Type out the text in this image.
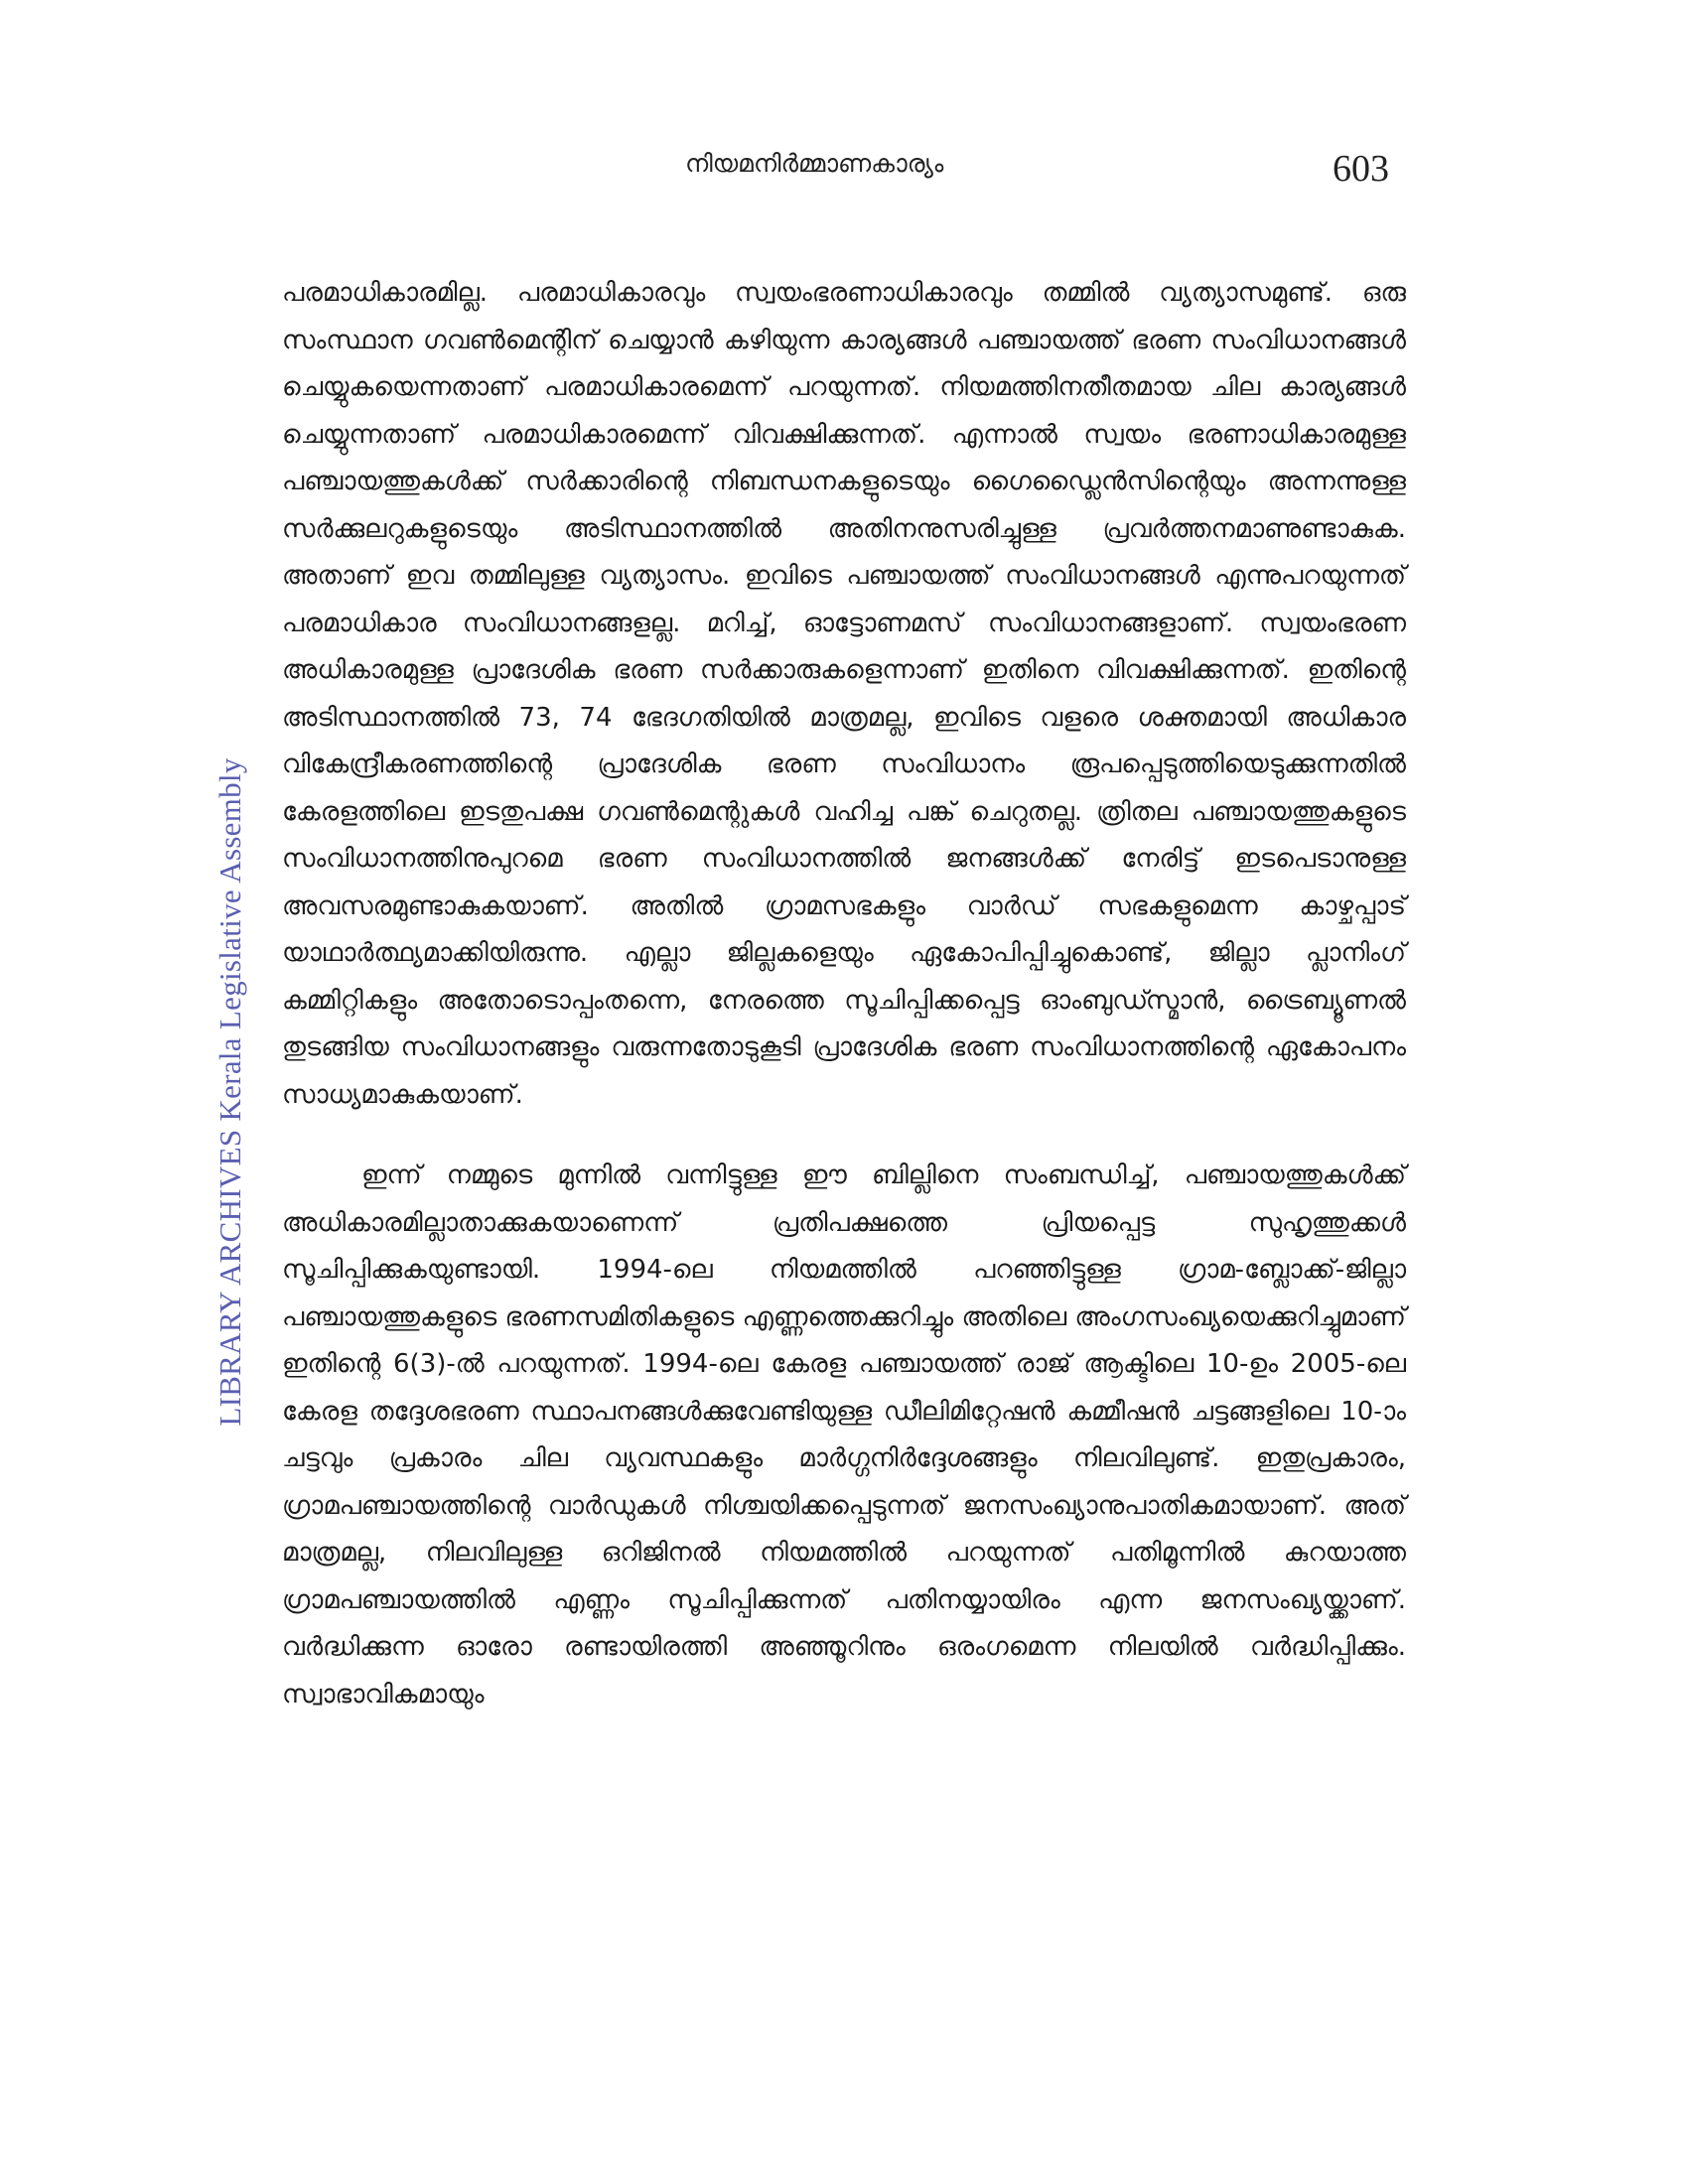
നിയമനിർമ്മാണകാര്യം	603
LIBRARY ARCHIVES Kerala Legislative Assembly

പരമാധികാരമില്ല. പരമാധികാരവും സ്വയംഭരണാധികാരവും തമ്മിൽ വ്യത്യാസമുണ്ട്. ഒരു സംസ്ഥാന ഗവൺമെന്റിന് ചെയ്യാൻ കഴിയുന്ന കാര്യങ്ങൾ പഞ്ചായത്ത് ഭരണ സംവിധാനങ്ങൾ ചെയ്യുകയെന്നതാണ് പരമാധികാരമെന്ന് പറയുന്നത്. നിയമത്തിനതീതമായ ചില കാര്യങ്ങൾ ചെയ്യുന്നതാണ് പരമാധികാരമെന്ന് വിവക്ഷിക്കുന്നത്. എന്നാൽ സ്വയം ഭരണാധികാരമുള്ള പഞ്ചായത്തുകൾക്ക് സർക്കാരിന്റെ നിബന്ധനകളുടെയും ഗൈഡ്ലൈൻസിന്റെയും അന്നന്നുള്ള സർക്കുലറുകളുടെയും അടിസ്ഥാനത്തിൽ അതിനനുസരിച്ചുള്ള പ്രവർത്തനമാണുണ്ടാകുക. അതാണ് ഇവ തമ്മിലുള്ള വ്യത്യാസം. ഇവിടെ പഞ്ചായത്ത് സംവിധാനങ്ങൾ എന്നുപറയുന്നത് പരമാധികാര സംവിധാനങ്ങളല്ല. മറിച്ച്, ഓട്ടോണമസ് സംവിധാനങ്ങളാണ്. സ്വയംഭരണ അധികാരമുള്ള പ്രാദേശിക ഭരണ സർക്കാരുകളെന്നാണ് ഇതിനെ വിവക്ഷിക്കുന്നത്. ഇതിന്റെ അടിസ്ഥാനത്തിൽ 73, 74 ഭേദഗതിയിൽ മാത്രമല്ല, ഇവിടെ വളരെ ശക്തമായി അധികാര വികേന്ദ്രീകരണത്തിന്റെ പ്രാദേശിക ഭരണ സംവിധാനം രൂപപ്പെടുത്തിയെടുക്കുന്നതിൽ കേരളത്തിലെ ഇടതുപക്ഷ ഗവൺമെന്റുകൾ വഹിച്ച പങ്ക് ചെറുതല്ല. ത്രിതല പഞ്ചായത്തുകളുടെ സംവിധാനത്തിനുപുറമെ ഭരണ സംവിധാനത്തിൽ ജനങ്ങൾക്ക് നേരിട്ട് ഇടപെടാനുള്ള അവസരമുണ്ടാകുകയാണ്. അതിൽ ഗ്രാമസഭകളും വാർഡ് സഭകളുമെന്ന കാഴ്ചപ്പാട് യാഥാർത്ഥ്യമാക്കിയിരുന്നു. എല്ലാ ജില്ലകളെയും ഏകോപിപ്പിച്ചുകൊണ്ട്, ജില്ലാ പ്ലാനിംഗ് കമ്മിറ്റികളും അതോടൊപ്പംതന്നെ, നേരത്തെ സൂചിപ്പിക്കപ്പെട്ട ഓംബുഡ്സ്മാൻ, ട്രൈബ്യൂണൽ തുടങ്ങിയ സംവിധാനങ്ങളും വരുന്നതോടുകൂടി പ്രാദേശിക ഭരണ സംവിധാനത്തിന്റെ ഏകോപനം സാധ്യമാകുകയാണ്.

ഇന്ന് നമ്മുടെ മുന്നിൽ വന്നിട്ടുള്ള ഈ ബില്ലിനെ സംബന്ധിച്ച്, പഞ്ചായത്തുകൾക്ക് അധികാരമില്ലാതാക്കുകയാണെന്ന് പ്രതിപക്ഷത്തെ പ്രിയപ്പെട്ട സുഹൃത്തുക്കൾ സൂചിപ്പിക്കുകയുണ്ടായി. 1994-ലെ നിയമത്തിൽ പറഞ്ഞിട്ടുള്ള ഗ്രാമ-ബ്ലോക്ക്-ജില്ലാ പഞ്ചായത്തുകളുടെ ഭരണസമിതികളുടെ എണ്ണത്തെക്കുറിച്ചും അതിലെ അംഗസംഖ്യയെക്കുറിച്ചുമാണ് ഇതിന്റെ 6(3)-ൽ പറയുന്നത്. 1994-ലെ കേരള പഞ്ചായത്ത് രാജ് ആക്ടിലെ 10-ഉം 2005-ലെ കേരള തദ്ദേശഭരണ സ്ഥാപനങ്ങൾക്കുവേണ്ടിയുള്ള ഡീലിമിറ്റേഷൻ കമ്മീഷൻ ചട്ടങ്ങളിലെ 10-ാം ചട്ടവും പ്രകാരം ചില വ്യവസ്ഥകളും മാർഗ്ഗനിർദ്ദേശങ്ങളും നിലവിലുണ്ട്. ഇതുപ്രകാരം, ഗ്രാമപഞ്ചായത്തിന്റെ വാർഡുകൾ നിശ്ചയിക്കപ്പെടുന്നത് ജനസംഖ്യാനുപാതികമായാണ്. അത് മാത്രമല്ല, നിലവിലുള്ള ഒറിജിനൽ നിയമത്തിൽ പറയുന്നത് പതിമൂന്നിൽ കുറയാത്ത ഗ്രാമപഞ്ചായത്തിൽ എണ്ണം സൂചിപ്പിക്കുന്നത് പതിനയ്യായിരം എന്ന ജനസംഖ്യയ്ക്കാണ്. വർദ്ധിക്കുന്ന ഓരോ രണ്ടായിരത്തി അഞ്ഞൂറിനും ഒരംഗമെന്ന നിലയിൽ വർദ്ധിപ്പിക്കും. സ്വാഭാവികമായും
